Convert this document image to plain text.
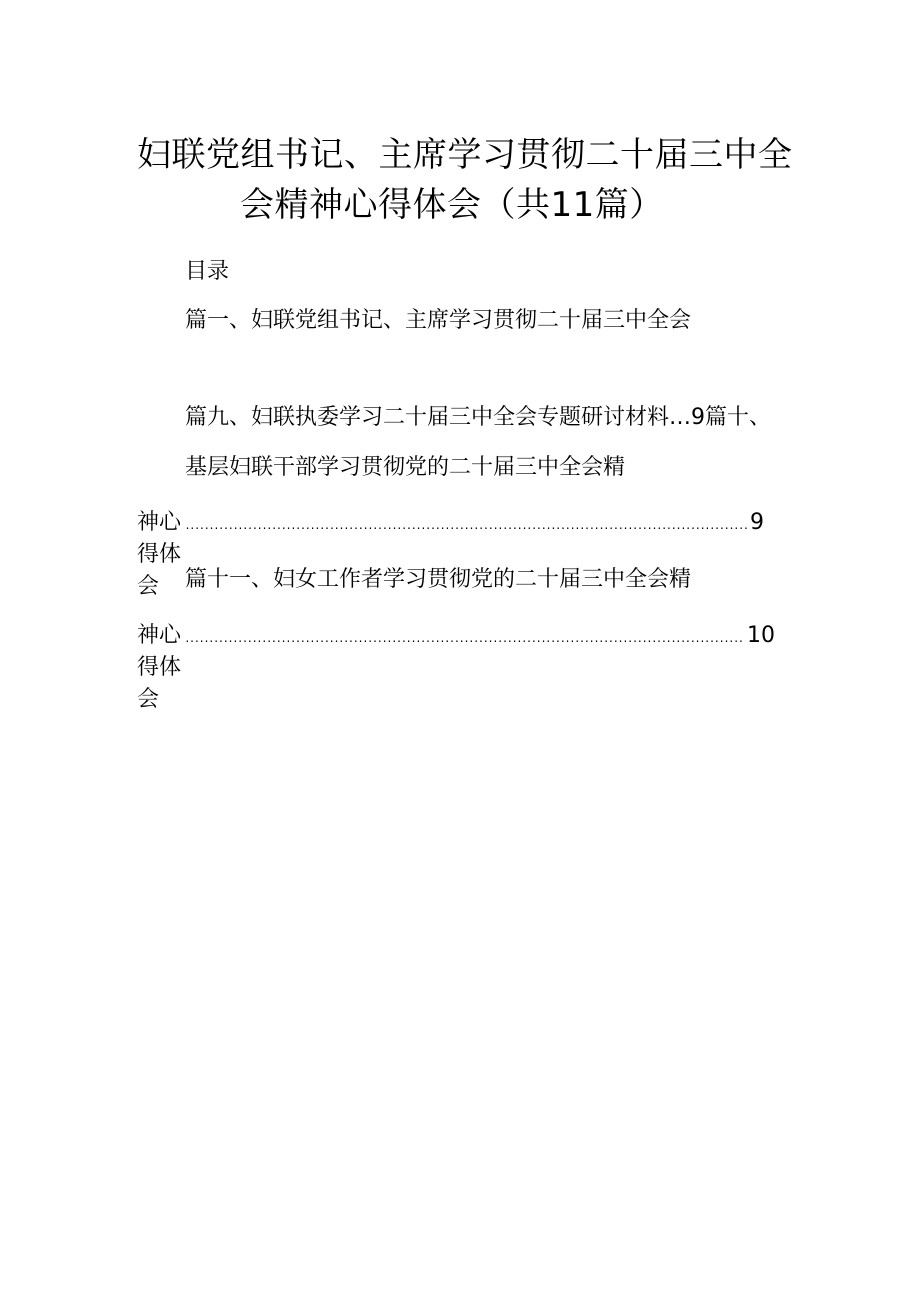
妇联党组书记、主席学习贯彻二十届三中全
会精神心得体会（共11篇）
目录
篇一、妇联党组书记、主席学习贯彻二十届三中全会
篇九、妇联执委学习二十届三中全会专题研讨材料…9篇十、
基层妇联干部学习贯彻党的二十届三中全会精
神心得体会
.....
9
篇十一、妇女工作者学习贯彻党的二十届三中全会精
神心得体会
.....
10
